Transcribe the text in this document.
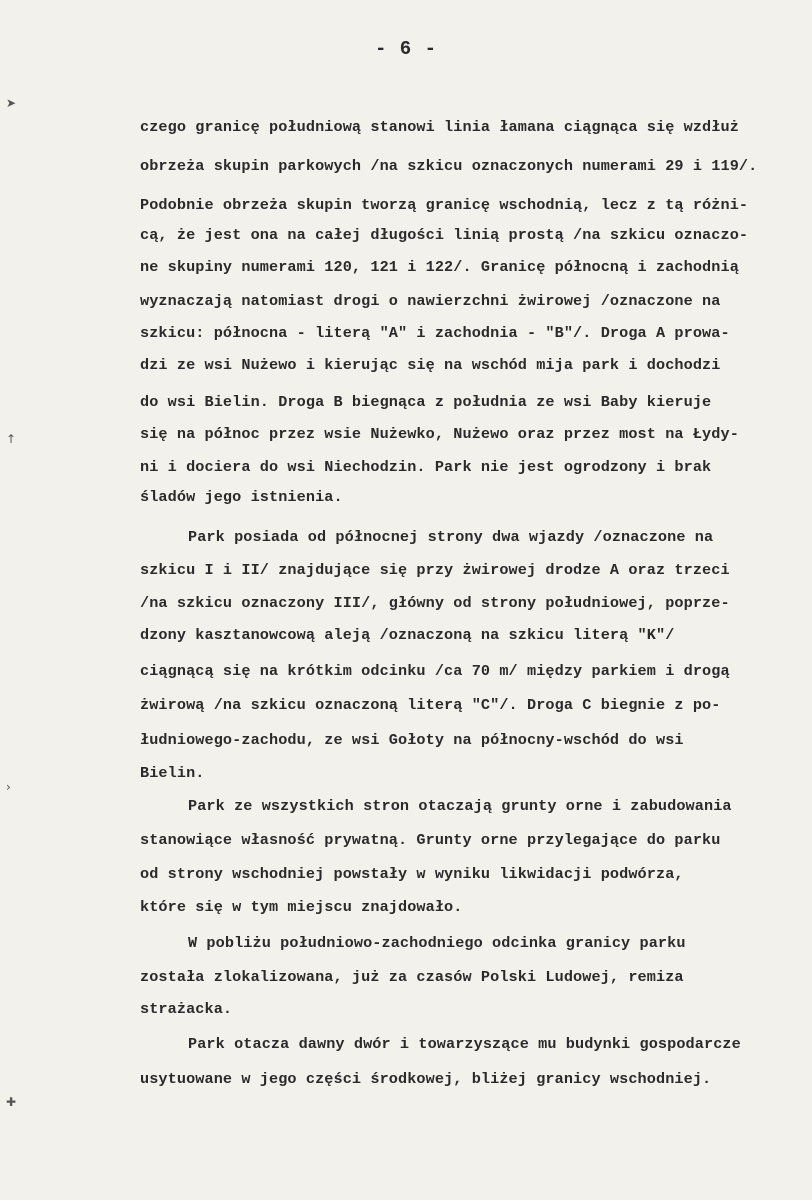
- 6 -
➤
↑
›
✚
czego granicę południową stanowi linia łamana ciągnąca się wzdłuż
obrzeża skupin parkowych /na szkicu oznaczonych numerami 29 i 119/.
Podobnie obrzeża skupin tworzą granicę wschodnią, lecz z tą różni-
cą, że jest ona na całej długości linią prostą /na szkicu oznaczo-
ne skupiny numerami 120, 121 i 122/. Granicę północną i zachodnią
wyznaczają natomiast drogi o nawierzchni żwirowej /oznaczone na
szkicu: północna - literą "A" i zachodnia - "B"/. Droga A prowa-
dzi ze wsi Nużewo i kierując się na wschód mija park i dochodzi
do wsi Bielin. Droga B biegnąca z południa ze wsi Baby kieruje
się na północ przez wsie Nużewko, Nużewo oraz przez most na Łydy-
ni i dociera do wsi Niechodzin. Park nie jest ogrodzony i brak
śladów jego istnienia.
Park posiada od północnej strony dwa wjazdy /oznaczone na
szkicu I i II/ znajdujące się przy żwirowej drodze A oraz trzeci
/na szkicu oznaczony III/, główny od strony południowej, poprze-
dzony kasztanowcową aleją /oznaczoną na szkicu literą "K"/
ciągnącą się na krótkim odcinku /ca 70 m/ między parkiem i drogą
żwirową /na szkicu oznaczoną literą "C"/. Droga C biegnie z po-
łudniowego-zachodu, ze wsi Gołoty na północny-wschód do wsi
Bielin.
Park ze wszystkich stron otaczają grunty orne i zabudowania
stanowiące własność prywatną. Grunty orne przylegające do parku
od strony wschodniej powstały w wyniku likwidacji podwórza,
które się w tym miejscu znajdowało.
W pobliżu południowo-zachodniego odcinka granicy parku
została zlokalizowana, już za czasów Polski Ludowej, remiza
strażacka.
Park otacza dawny dwór i towarzyszące mu budynki gospodarcze
usytuowane w jego części środkowej, bliżej granicy wschodniej.
